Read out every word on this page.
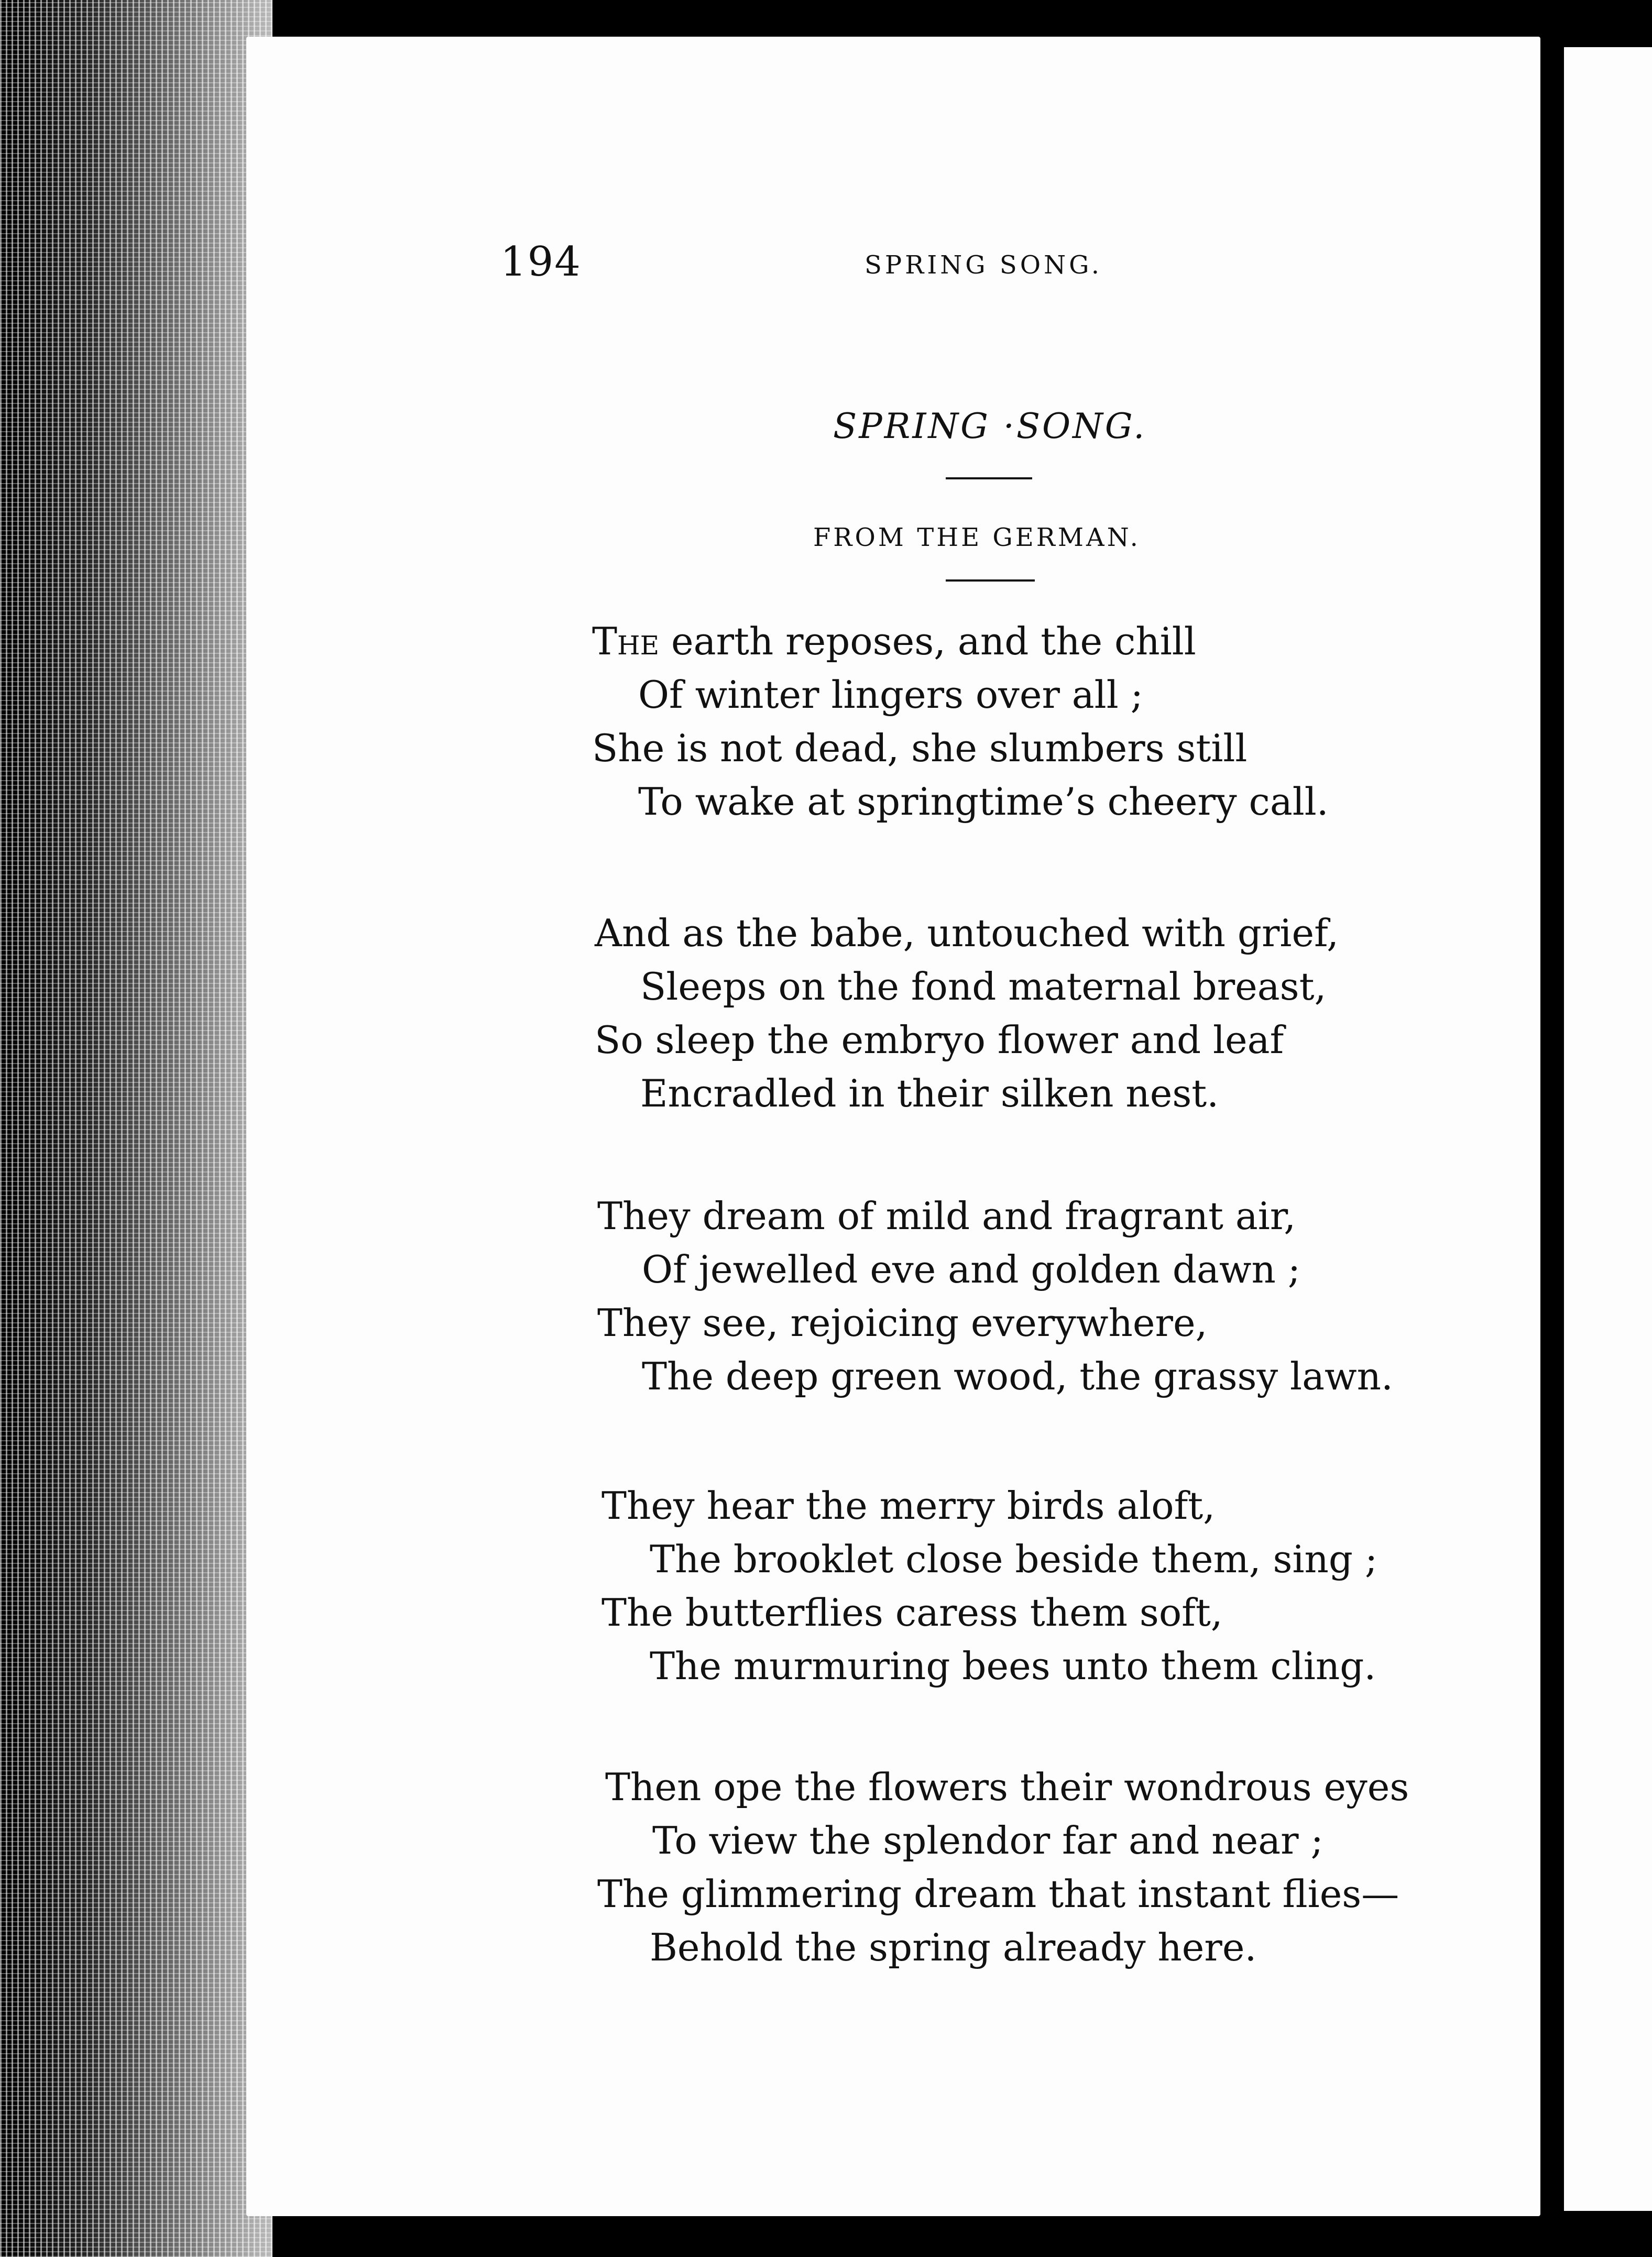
194	SPRING SONG.
SPRING ·SONG.
FROM THE GERMAN.
The earth reposes, and the chill
Of winter lingers over all ;
She is not dead, she slumbers still
To wake at springtime’s cheery call.
And as the babe, untouched with grief,
Sleeps on the fond maternal breast,
So sleep the embryo flower and leaf
Encradled in their silken nest.
They dream of mild and fragrant air,
Of jewelled eve and golden dawn ;
They see, rejoicing everywhere,
The deep green wood, the grassy lawn.
They hear the merry birds aloft,
The brooklet close beside them, sing ;
The butterflies caress them soft,
The murmuring bees unto them cling.
Then ope the flowers their wondrous eyes
To view the splendor far and near ;
The glimmering dream that instant flies—
Behold the spring already here.
